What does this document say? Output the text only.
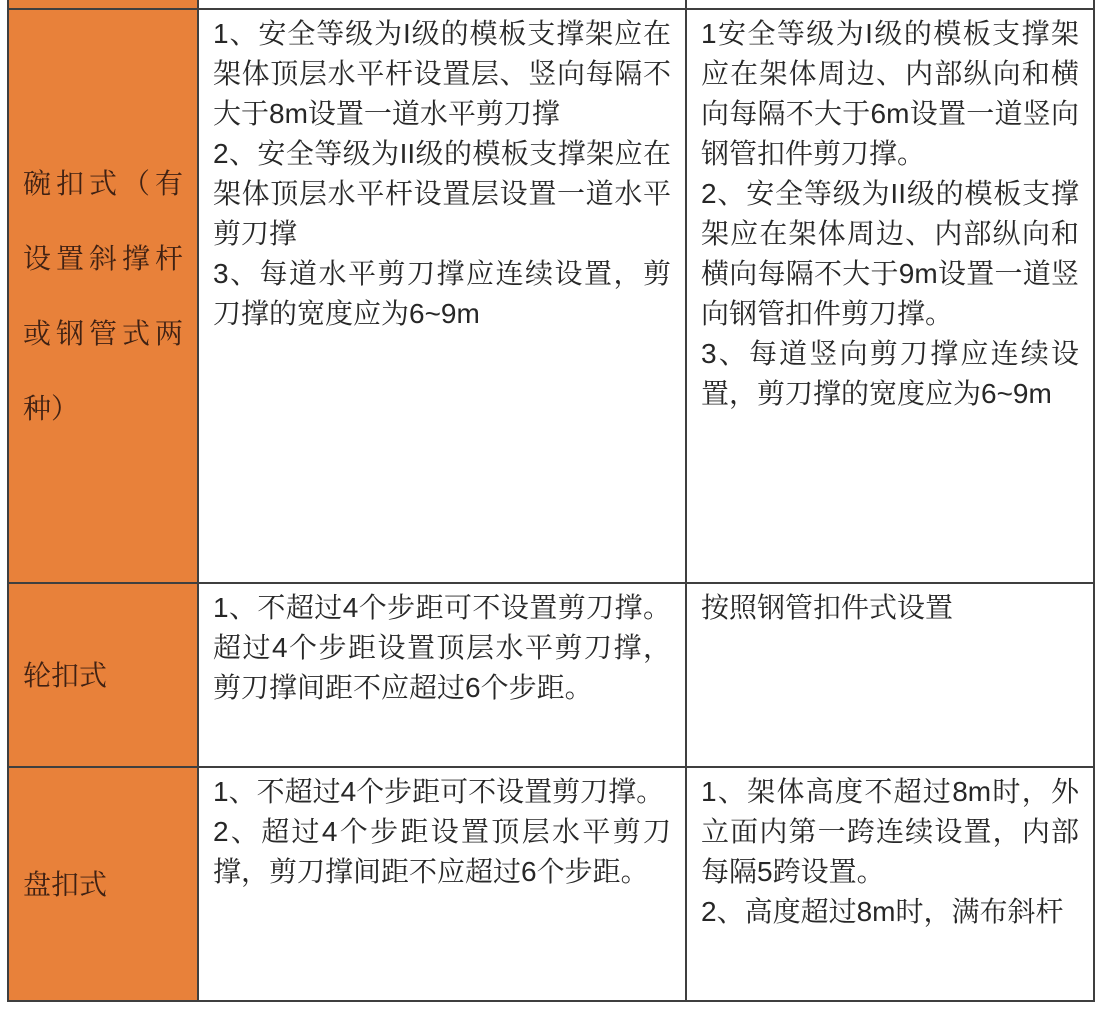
碗扣式（有设置斜撑杆或钢管式两种）

1、安全等级为I级的模板支撑架应在架体顶层水平杆设置层、竖向每隔不大于8m设置一道水平剪刀撑

2、安全等级为II级的模板支撑架应在架体顶层水平杆设置层设置一道水平剪刀撑

3、每道水平剪刀撑应连续设置，剪刀撑的宽度应为6~9m

1安全等级为I级的模板支撑架应在架体周边、内部纵向和横向每隔不大于6m设置一道竖向钢管扣件剪刀撑。

2、安全等级为II级的模板支撑架应在架体周边、内部纵向和横向每隔不大于9m设置一道竖向钢管扣件剪刀撑。

3、每道竖向剪刀撑应连续设置，剪刀撑的宽度应为6~9m

轮扣式

1、不超过4个步距可不设置剪刀撑。超过4个步距设置顶层水平剪刀撑，剪刀撑间距不应超过6个步距。

按照钢管扣件式设置

盘扣式

1、不超过4个步距可不设置剪刀撑。

2、超过4个步距设置顶层水平剪刀撑，剪刀撑间距不应超过6个步距。

1、架体高度不超过8m时，外立面内第一跨连续设置，内部每隔5跨设置。

2、高度超过8m时，满布斜杆
